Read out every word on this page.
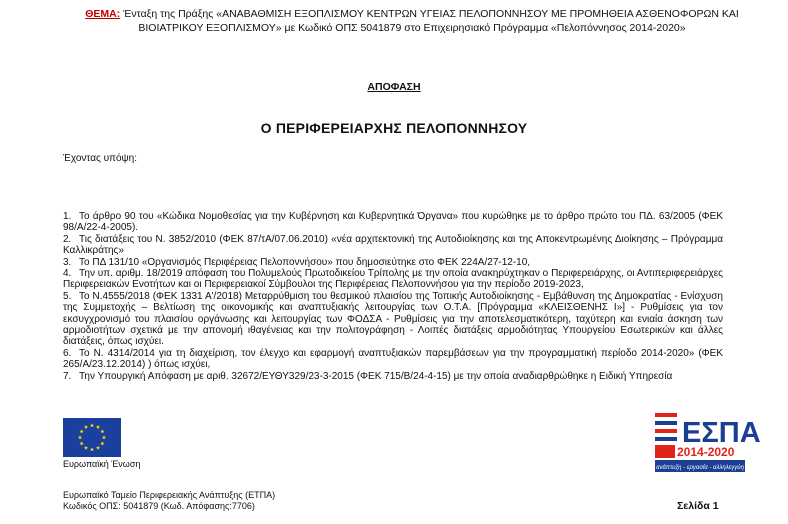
ΘΕΜΑ: Ένταξη της Πράξης «ΑΝΑΒΑΘΜΙΣΗ ΕΞΟΠΛΙΣΜΟΥ ΚΕΝΤΡΩΝ ΥΓΕΙΑΣ ΠΕΛΟΠΟΝΝΗΣΟΥ ΜΕ ΠΡΟΜΗΘΕΙΑ ΑΣΘΕΝΟΦΟΡΩΝ ΚΑΙ ΒΙΟΙΑΤΡΙΚΟΥ ΕΞΟΠΛΙΣΜΟΥ» με Κωδικό ΟΠΣ 5041879 στο Επιχειρησιακό Πρόγραμμα «Πελοπόννησος 2014-2020»
ΑΠΟΦΑΣΗ
Ο ΠΕΡΙΦΕΡΕΙΑΡΧΗΣ ΠΕΛΟΠΟΝΝΗΣΟΥ
Έχοντας υπόψη:
1. Το άρθρο 90 του «Κώδικα Νομοθεσίας για την Κυβέρνηση και Κυβερνητικά Όργανα» που κυρώθηκε με το άρθρο πρώτο του ΠΔ. 63/2005 (ΦΕΚ 98/Α/22-4-2005).
2. Τις διατάξεις του Ν. 3852/2010 (ΦΕΚ 87/τΑ/07.06.2010) «νέα αρχιτεκτονική της Αυτοδιοίκησης και της Αποκεντρωμένης Διοίκησης – Πρόγραμμα Καλλικράτης»
3. Το ΠΔ 131/10 «Οργανισμός Περιφέρειας Πελοποννήσου» που δημοσιεύτηκε στο ΦΕΚ 224Α/27-12-10,
4. Την υπ. αριθμ. 18/2019 απόφαση του Πολυμελούς Πρωτοδικείου Τρίπολης με την οποία ανακηρύχτηκαν ο Περιφερειάρχης, οι Αντιπεριφερειάρχες Περιφερειακών Ενοτήτων και οι Περιφερειακοί Σύμβουλοι της Περιφέρειας Πελοποννήσου για την περίοδο 2019-2023,
5. Το Ν.4555/2018 (ΦΕΚ 1331 Α'/2018) Μεταρρύθμιση του θεσμικού πλαισίου της Τοπικής Αυτοδιοίκησης - Εμβάθυνση της Δημοκρατίας - Ενίσχυση της Συμμετοχής – Βελτίωση της οικονομικής και αναπτυξιακής λειτουργίας των Ο.Τ.Α. [Πρόγραμμα «ΚΛΕΙΣΘΕΝΗΣ Ι»] - Ρυθμίσεις για τον εκσυγχρονισμό του πλαισίου οργάνωσης και λειτουργίας των ΦΟΔΣΑ - Ρυθμίσεις για την αποτελεσματικότερη, ταχύτερη και ενιαία άσκηση των αρμοδιοτήτων σχετικά με την απονομή ιθαγένειας και την πολιτογράφηση - Λοιπές διατάξεις αρμοδιότητας Υπουργείου Εσωτερικών και άλλες διατάξεις, όπως ισχύει.
6. Το Ν. 4314/2014 για τη διαχείριση, τον έλεγχο και εφαρμογή αναπτυξιακών παρεμβάσεων για την προγραμματική περίοδο 2014-2020» (ΦΕΚ 265/Α/23.12.2014) ) όπως ισχύει,
7. Την Υπουργική Απόφαση με αριθ. 32672/ΕΥΘΥ329/23-3-2015 (ΦΕΚ 715/Β/24-4-15) με την οποία αναδιαρθρώθηκε η Ειδική Υπηρεσία
Ευρωπαϊκή Ένωση
ΕΣΠΑ
2014-2020
ανάπτυξη - εργασία - αλληλεγγύη
Ευρωπαϊκό Ταμείο Περιφερειακής Ανάπτυξης (ΕΤΠΑ)
Κωδικός ΟΠΣ: 5041879 (Κωδ. Απόφασης:7706)	Σελίδα 1
